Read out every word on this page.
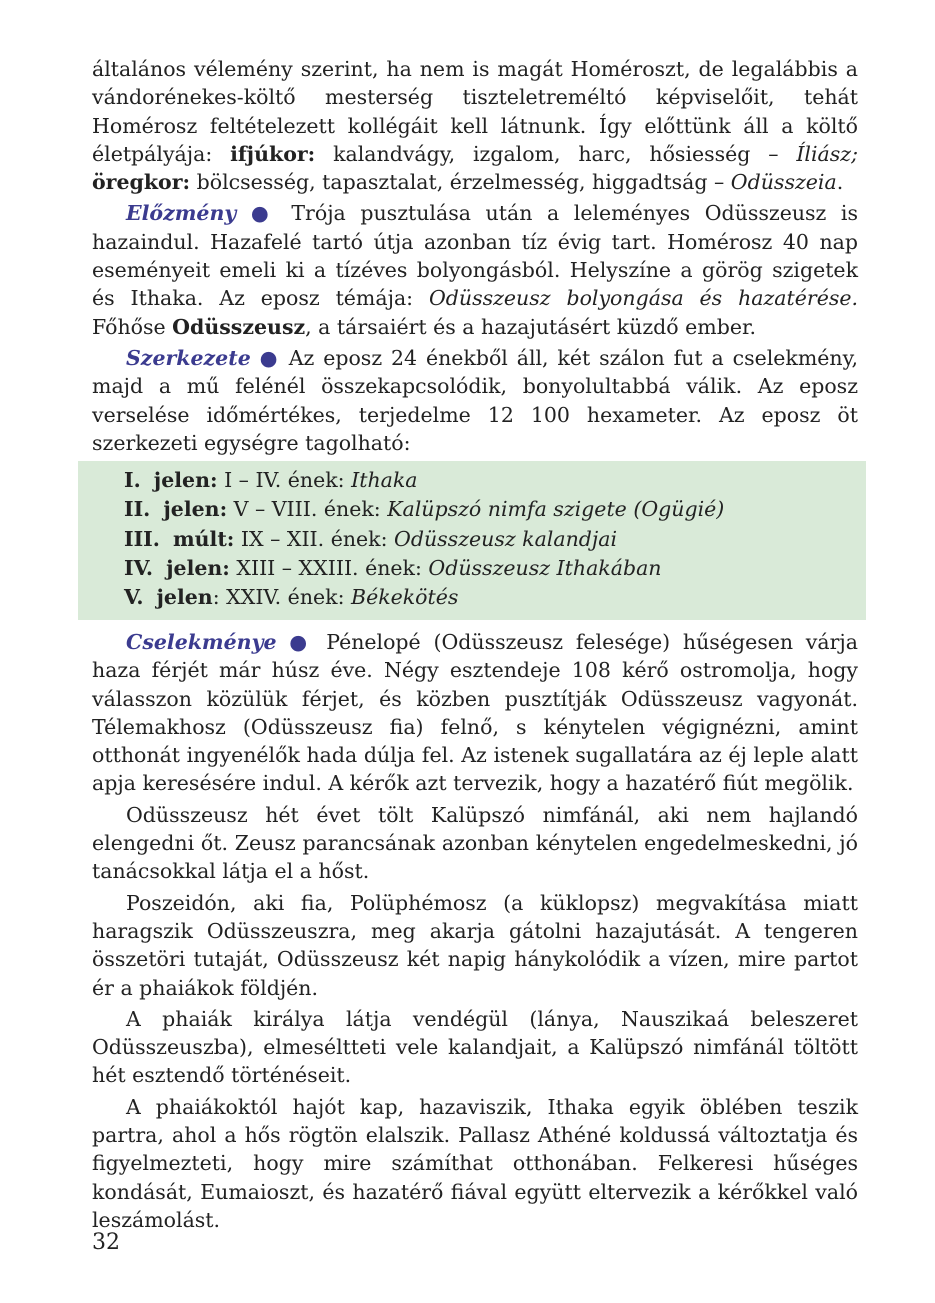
általános vélemény szerint, ha nem is magát Homéroszt, de legalábbis a vándorénekes-költő mesterség tiszteletreméltó képviselőit, tehát Homérosz feltételezett kollégáit kell látnunk. Így előttünk áll a költő életpályája: ifjúkor: kalandvágy, izgalom, harc, hősiesség – Íliász; öregkor: bölcsesség, tapasztalat, érzelmesség, higgadtság – Odüsszeia.

Előzmény ● Trója pusztulása után a leleményes Odüsszeusz is hazaindul. Hazafelé tartó útja azonban tíz évig tart. Homérosz 40 nap eseményeit emeli ki a tízéves bolyongásból. Helyszíne a görög szigetek és Ithaka. Az eposz témája: Odüsszeusz bolyongása és hazatérése. Főhőse Odüsszeusz, a társaiért és a hazajutásért küzdő ember.

Szerkezete ● Az eposz 24 énekből áll, két szálon fut a cselekmény, majd a mű felénél összekapcsolódik, bonyolultabbá válik. Az eposz verselése időmértékes, terjedelme 12 100 hexameter. Az eposz öt szerkezeti egységre tagolható:

I. jelen: I – IV. ének: Ithaka
II. jelen: V – VIII. ének: Kalüpszó nimfa szigete (Ogügié)
III. múlt: IX – XII. ének: Odüsszeusz kalandjai
IV. jelen: XIII – XXIII. ének: Odüsszeusz Ithakában
V. jelen: XXIV. ének: Békekötés

Cselekménye ● Pénelopé (Odüsszeusz felesége) hűségesen várja haza férjét már húsz éve. Négy esztendeje 108 kérő ostromolja, hogy válasszon közülük férjet, és közben pusztítják Odüsszeusz vagyonát. Télemakhosz (Odüsszeusz fia) felnő, s kénytelen végignézni, amint otthonát ingyenélők hada dúlja fel. Az istenek sugallatára az éj leple alatt apja keresésére indul. A kérők azt tervezik, hogy a hazatérő fiút megölik.

Odüsszeusz hét évet tölt Kalüpszó nimfánál, aki nem hajlandó elengedni őt. Zeusz parancsának azonban kénytelen engedelmeskedni, jó tanácsokkal látja el a hőst.

Poszeidón, aki fia, Polüphémosz (a küklopsz) megvakítása miatt haragszik Odüsszeuszra, meg akarja gátolni hazajutását. A tengeren összetöri tutaját, Odüsszeusz két napig hánykolódik a vízen, mire partot ér a phaiákok földjén.

A phaiák királya látja vendégül (lánya, Nauszikaá beleszeret Odüsszeuszba), elmeséltteti vele kalandjait, a Kalüpszó nimfánál töltött hét esztendő történéseit.

A phaiákoktól hajót kap, hazaviszik, Ithaka egyik öblében teszik partra, ahol a hős rögtön elalszik. Pallasz Athéné koldussá változtatja és figyelmezteti, hogy mire számíthat otthonában. Felkeresi hűséges kondását, Eumaioszt, és hazatérő fiával együtt eltervezik a kérőkkel való leszámolást.

32
